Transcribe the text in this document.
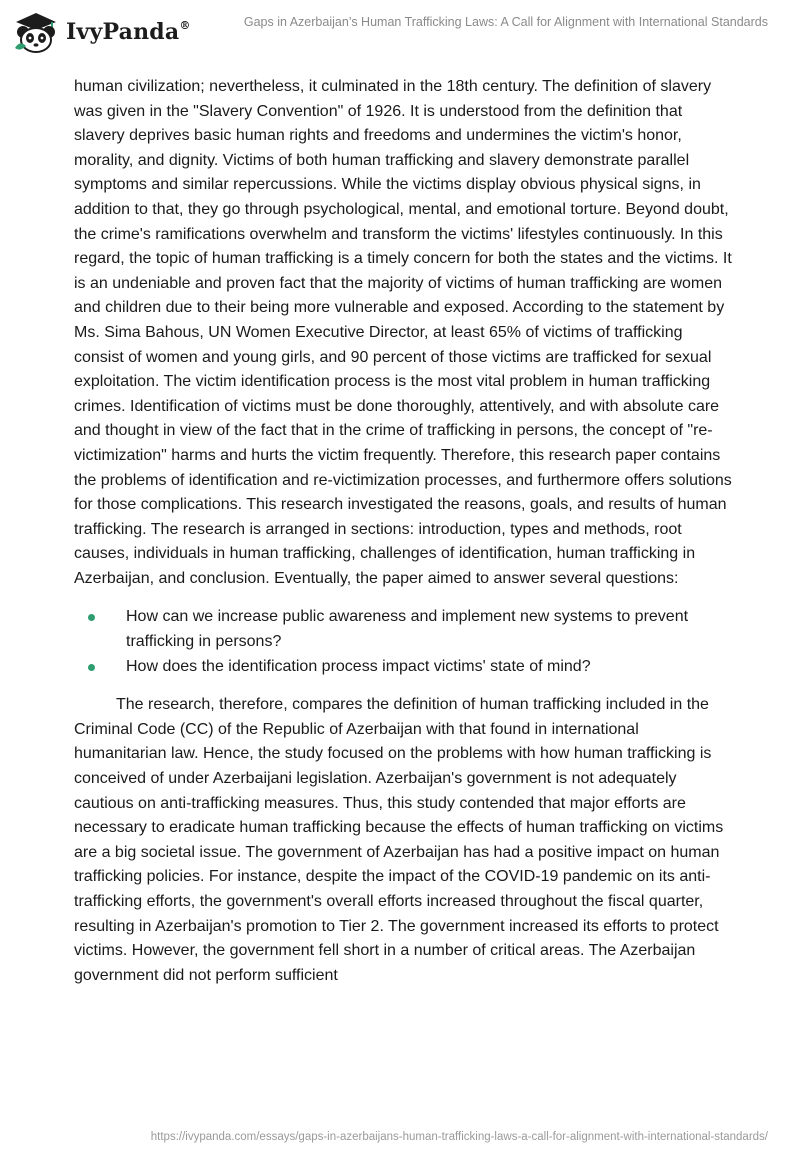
IvyPanda®	Gaps in Azerbaijan’s Human Trafficking Laws: A Call for Alignment with International Standards

human civilization; nevertheless, it culminated in the 18th century. The definition of slavery was given in the "Slavery Convention" of 1926. It is understood from the definition that slavery deprives basic human rights and freedoms and undermines the victim's honor, morality, and dignity. Victims of both human trafficking and slavery demonstrate parallel symptoms and similar repercussions. While the victims display obvious physical signs, in addition to that, they go through psychological, mental, and emotional torture. Beyond doubt, the crime's ramifications overwhelm and transform the victims' lifestyles continuously. In this regard, the topic of human trafficking is a timely concern for both the states and the victims. It is an undeniable and proven fact that the majority of victims of human trafficking are women and children due to their being more vulnerable and exposed. According to the statement by Ms. Sima Bahous, UN Women Executive Director, at least 65% of victims of trafficking consist of women and young girls, and 90 percent of those victims are trafficked for sexual exploitation. The victim identification process is the most vital problem in human trafficking crimes. Identification of victims must be done thoroughly, attentively, and with absolute care and thought in view of the fact that in the crime of trafficking in persons, the concept of "re-victimization" harms and hurts the victim frequently. Therefore, this research paper contains the problems of identification and re-victimization processes, and furthermore offers solutions for those complications. This research investigated the reasons, goals, and results of human trafficking. The research is arranged in sections: introduction, types and methods, root causes, individuals in human trafficking, challenges of identification, human trafficking in Azerbaijan, and conclusion. Eventually, the paper aimed to answer several questions:

How can we increase public awareness and implement new systems to prevent trafficking in persons?
How does the identification process impact victims' state of mind?

The research, therefore, compares the definition of human trafficking included in the Criminal Code (CC) of the Republic of Azerbaijan with that found in international humanitarian law. Hence, the study focused on the problems with how human trafficking is conceived of under Azerbaijani legislation. Azerbaijan's government is not adequately cautious on anti-trafficking measures. Thus, this study contended that major efforts are necessary to eradicate human trafficking because the effects of human trafficking on victims are a big societal issue. The government of Azerbaijan has had a positive impact on human trafficking policies. For instance, despite the impact of the COVID-19 pandemic on its anti-trafficking efforts, the government's overall efforts increased throughout the fiscal quarter, resulting in Azerbaijan's promotion to Tier 2. The government increased its efforts to protect victims. However, the government fell short in a number of critical areas. The Azerbaijan government did not perform sufficient

https://ivypanda.com/essays/gaps-in-azerbaijans-human-trafficking-laws-a-call-for-alignment-with-international-standards/
